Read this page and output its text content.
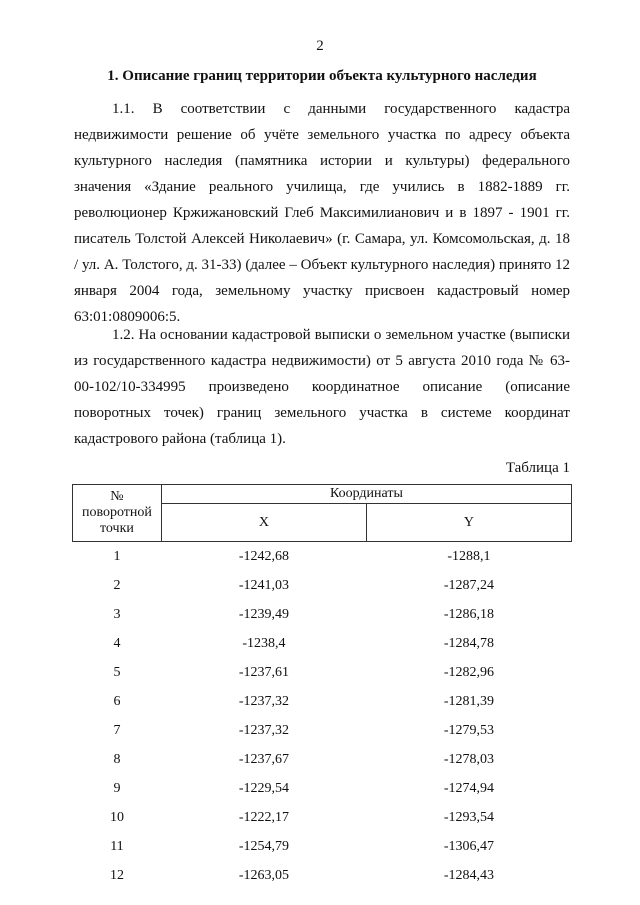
2
1. Описание границ территории объекта культурного наследия
1.1. В соответствии с данными государственного кадастра недвижимости решение об учёте земельного участка по адресу объекта культурного наследия (памятника истории и культуры) федерального значения «Здание реального училища, где учились в 1882-1889 гг. революционер Кржижановский Глеб Максимилианович и в 1897 - 1901 гг. писатель Толстой Алексей Николаевич» (г. Самара, ул. Комсомольская, д. 18 / ул. А. Толстого, д. 31-33) (далее – Объект культурного наследия) принято 12 января 2004 года, земельному участку присвоен кадастровый номер 63:01:0809006:5.
1.2. На основании кадастровой выписки о земельном участке (выписки из государственного кадастра недвижимости) от 5 августа 2010 года № 63-00-102/10-334995 произведено координатное описание (описание поворотных точек) границ земельного участка в системе координат кадастрового района (таблица 1).
Таблица 1
№
поворотной
точки	Координаты	
	X	Y
1	-1242,68	-1288,1
2	-1241,03	-1287,24
3	-1239,49	-1286,18
4	-1238,4	-1284,78
5	-1237,61	-1282,96
6	-1237,32	-1281,39
7	-1237,32	-1279,53
8	-1237,67	-1278,03
9	-1229,54	-1274,94
10	-1222,17	-1293,54
11	-1254,79	-1306,47
12	-1263,05	-1284,43
